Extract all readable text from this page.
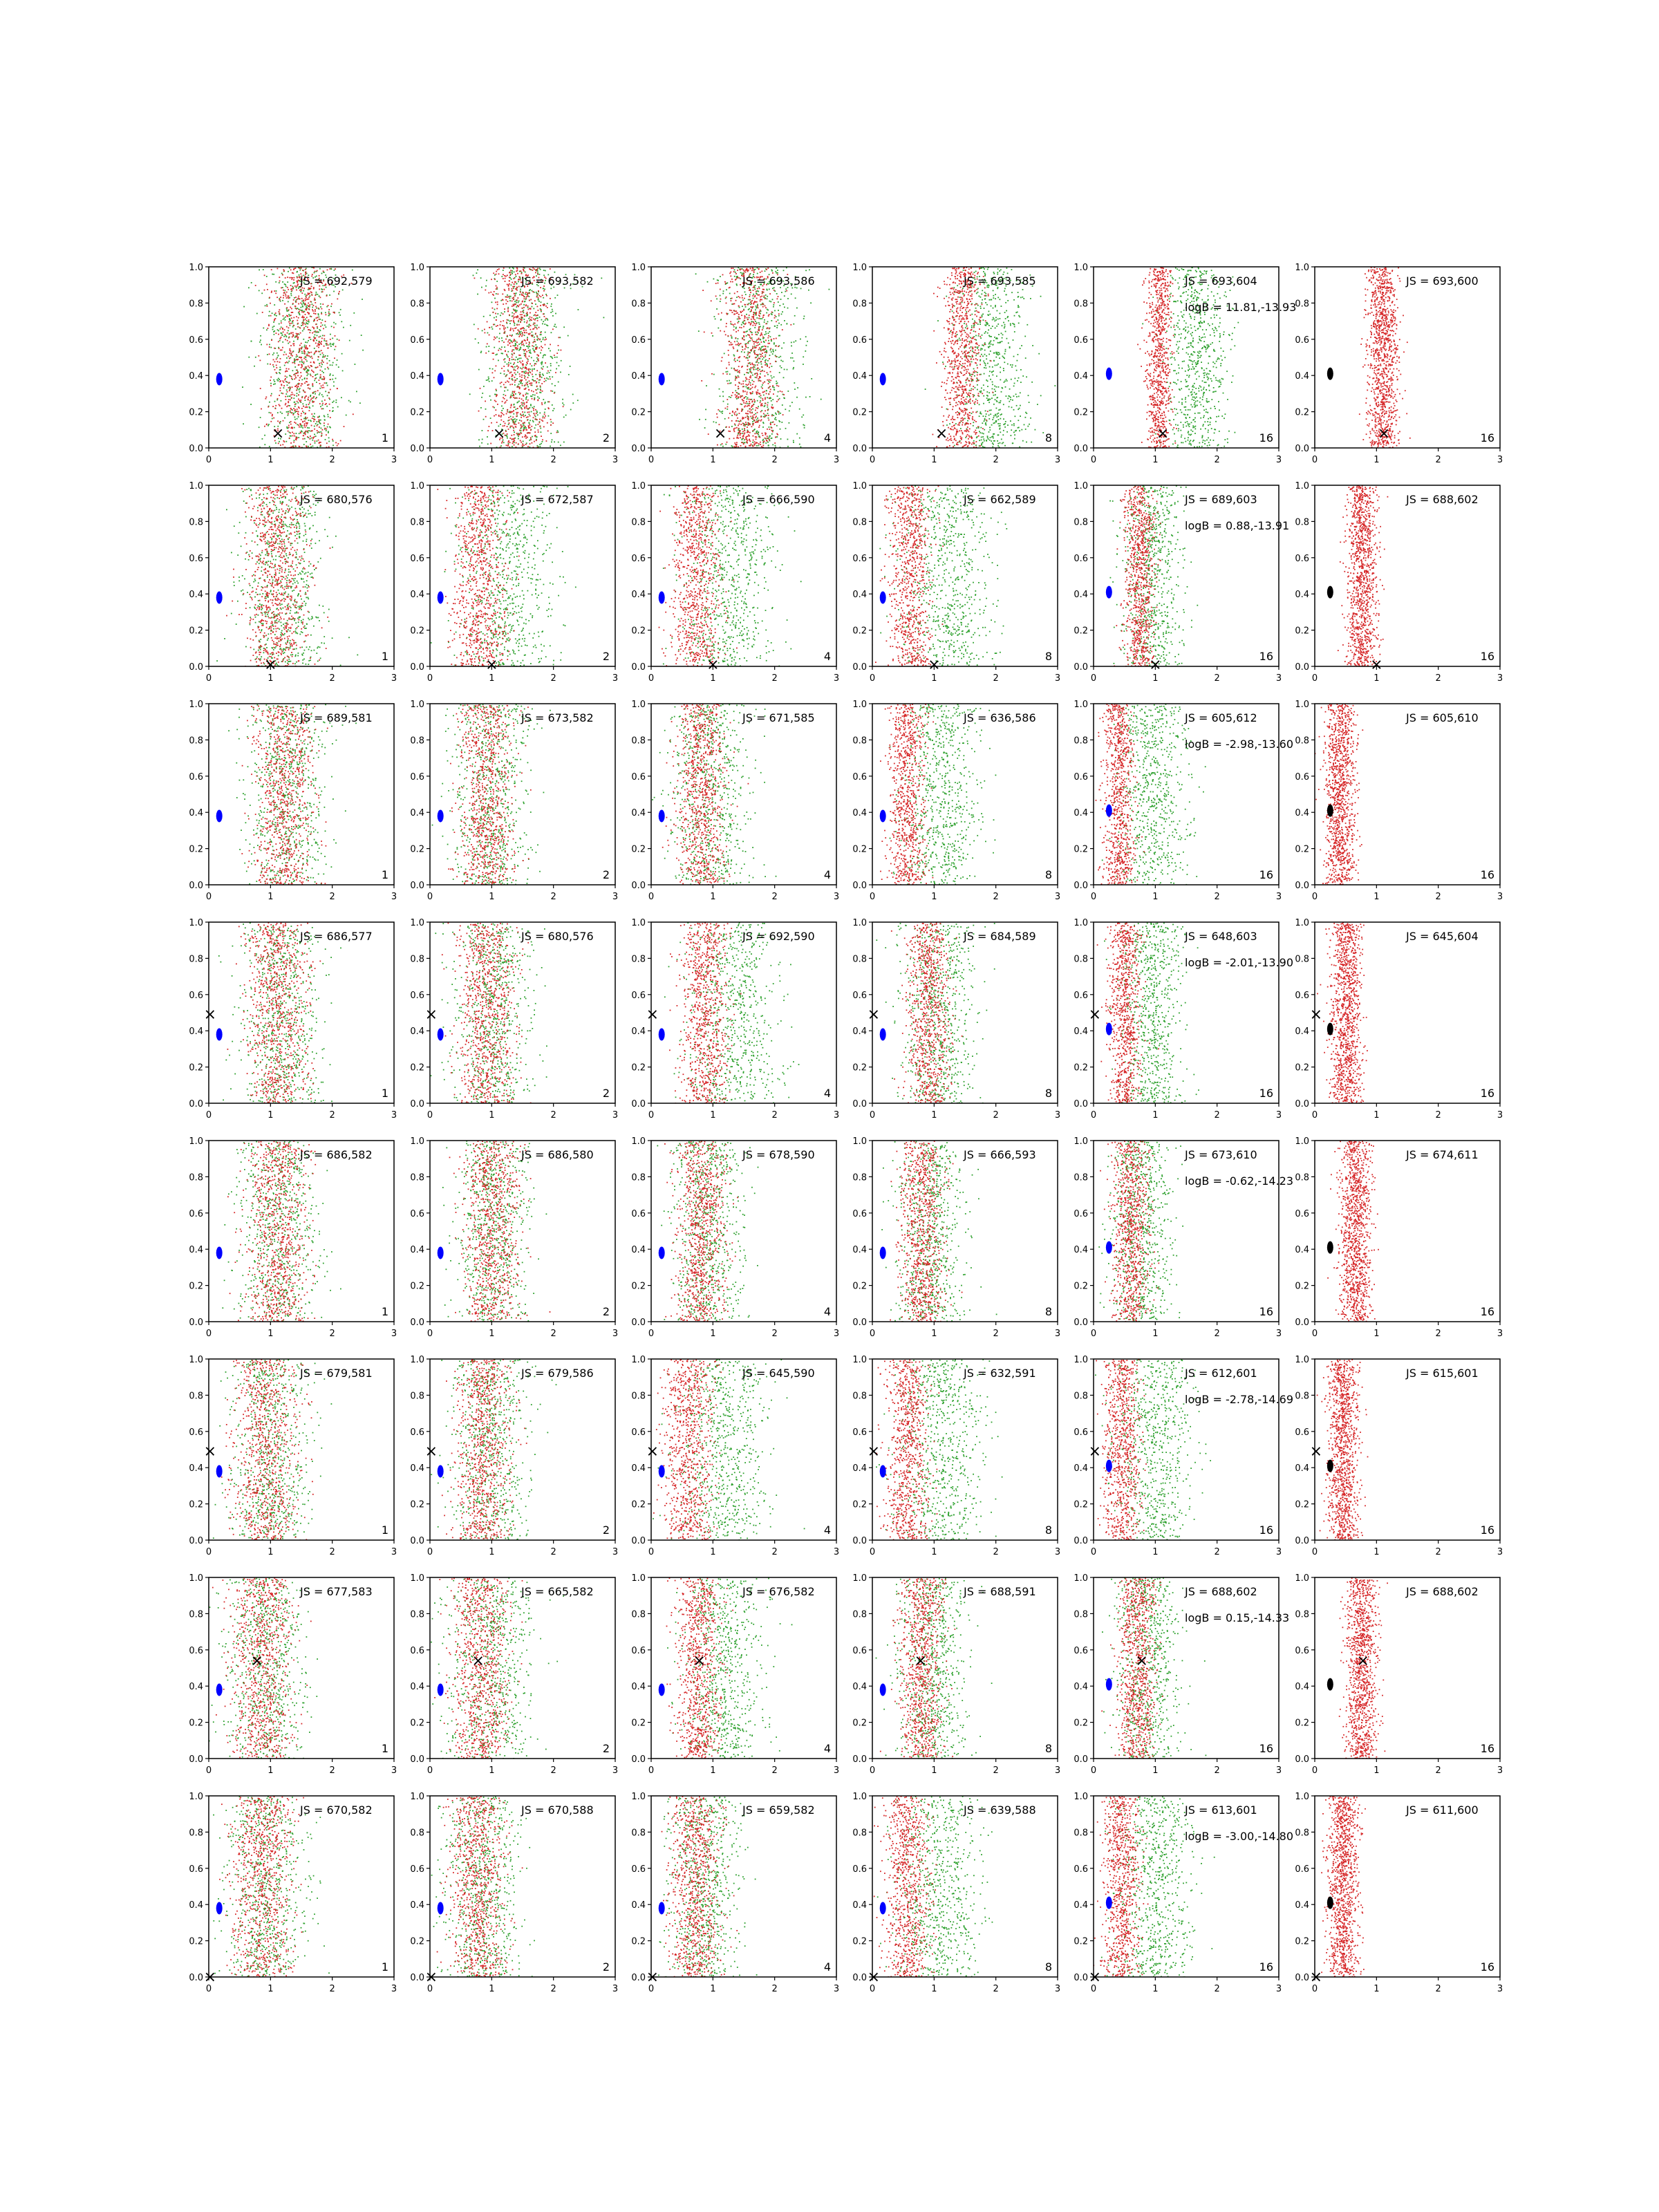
×
0.0
0.2
0.4
0.6
0.8
1.0
0	1	2	3
JS = 692,579
1	×
0.0
0.2
0.4
0.6
0.8
1.0
0	1	2	3
JS = 693,582
2	×
0.0
0.2
0.4
0.6
0.8
1.0
0	1	2	3
JS = 693,586
4	×
0.0
0.2
0.4
0.6
0.8
1.0
0	1	2	3
JS = 693,585
8	×
0.0
0.2
0.4
0.6
0.8
1.0
0	1	2	3
JS = 693,604
logB = 11.81,-13.93
16	×
0.0
0.2
0.4
0.6
0.8
1.0
0	1	2	3
JS = 693,600
16
×
0.0
0.2
0.4
0.6
0.8
1.0
0	1	2	3
JS = 680,576
1	×
0.0
0.2
0.4
0.6
0.8
1.0
0	1	2	3
JS = 672,587
2	×
0.0
0.2
0.4
0.6
0.8
1.0
0	1	2	3
JS = 666,590
4	×
0.0
0.2
0.4
0.6
0.8
1.0
0	1	2	3
JS = 662,589
8	×
0.0
0.2
0.4
0.6
0.8
1.0
0	1	2	3
JS = 689,603
logB = 0.88,-13.91
16	×
0.0
0.2
0.4
0.6
0.8
1.0
0	1	2	3
JS = 688,602
16
0.0
0.2
0.4
0.6
0.8
1.0
0	1	2	3
JS = 689,581
1
0.0
0.2
0.4
0.6
0.8
1.0
0	1	2	3
JS = 673,582
2
0.0
0.2
0.4
0.6
0.8
1.0
0	1	2	3
JS = 671,585
4
0.0
0.2
0.4
0.6
0.8
1.0
0	1	2	3
JS = 636,586
8
0.0
0.2
0.4
0.6
0.8
1.0
0	1	2	3
JS = 605,612
logB = -2.98,-13.60
16
0.0
0.2
0.4
0.6
0.8
1.0
0	1	2	3
JS = 605,610
16
×
0.0
0.2
0.4
0.6
0.8
1.0
0	1	2	3
JS = 686,577
1
×
0.0
0.2
0.4
0.6
0.8
1.0
0	1	2	3
JS = 680,576
2
×
0.0
0.2
0.4
0.6
0.8
1.0
0	1	2	3
JS = 692,590
4
×
0.0
0.2
0.4
0.6
0.8
1.0
0	1	2	3
JS = 684,589
8
×
0.0
0.2
0.4
0.6
0.8
1.0
0	1	2	3
JS = 648,603
logB = -2.01,-13.90
16
×
0.0
0.2
0.4
0.6
0.8
1.0
0	1	2	3
JS = 645,604
16
0.0
0.2
0.4
0.6
0.8
1.0
0	1	2	3
JS = 686,582
1
0.0
0.2
0.4
0.6
0.8
1.0
0	1	2	3
JS = 686,580
2
0.0
0.2
0.4
0.6
0.8
1.0
0	1	2	3
JS = 678,590
4
0.0
0.2
0.4
0.6
0.8
1.0
0	1	2	3
JS = 666,593
8
0.0
0.2
0.4
0.6
0.8
1.0
0	1	2	3
JS = 673,610
logB = -0.62,-14.23
16
0.0
0.2
0.4
0.6
0.8
1.0
0	1	2	3
JS = 674,611
16
×
0.0
0.2
0.4
0.6
0.8
1.0
0	1	2	3
JS = 679,581
1
×
0.0
0.2
0.4
0.6
0.8
1.0
0	1	2	3
JS = 679,586
2
×
0.0
0.2
0.4
0.6
0.8
1.0
0	1	2	3
JS = 645,590
4
×
0.0
0.2
0.4
0.6
0.8
1.0
0	1	2	3
JS = 632,591
8
×
0.0
0.2
0.4
0.6
0.8
1.0
0	1	2	3
JS = 612,601
logB = -2.78,-14.69
16
×
0.0
0.2
0.4
0.6
0.8
1.0
0	1	2	3
JS = 615,601
16
×
0.0
0.2
0.4
0.6
0.8
1.0
0	1	2	3
JS = 677,583
1
×
0.0
0.2
0.4
0.6
0.8
1.0
0	1	2	3
JS = 665,582
2
×
0.0
0.2
0.4
0.6
0.8
1.0
0	1	2	3
JS = 676,582
4
×
0.0
0.2
0.4
0.6
0.8
1.0
0	1	2	3
JS = 688,591
8
×
0.0
0.2
0.4
0.6
0.8
1.0
0	1	2	3
JS = 688,602
logB = 0.15,-14.33
16
×
0.0
0.2
0.4
0.6
0.8
1.0
0	1	2	3
JS = 688,602
16
×
0.0
0.2
0.4
0.6
0.8
1.0
0	1	2	3
JS = 670,582
1
×
0.0
0.2
0.4
0.6
0.8
1.0
0	1	2	3
JS = 670,588
2
×
0.0
0.2
0.4
0.6
0.8
1.0
0	1	2	3
JS = 659,582
4
×
0.0
0.2
0.4
0.6
0.8
1.0
0	1	2	3
JS = 639,588
8
×
0.0
0.2
0.4
0.6
0.8
1.0
0	1	2	3
JS = 613,601
logB = -3.00,-14.80
16
×
0.0
0.2
0.4
0.6
0.8
1.0
0	1	2	3
JS = 611,600
16
